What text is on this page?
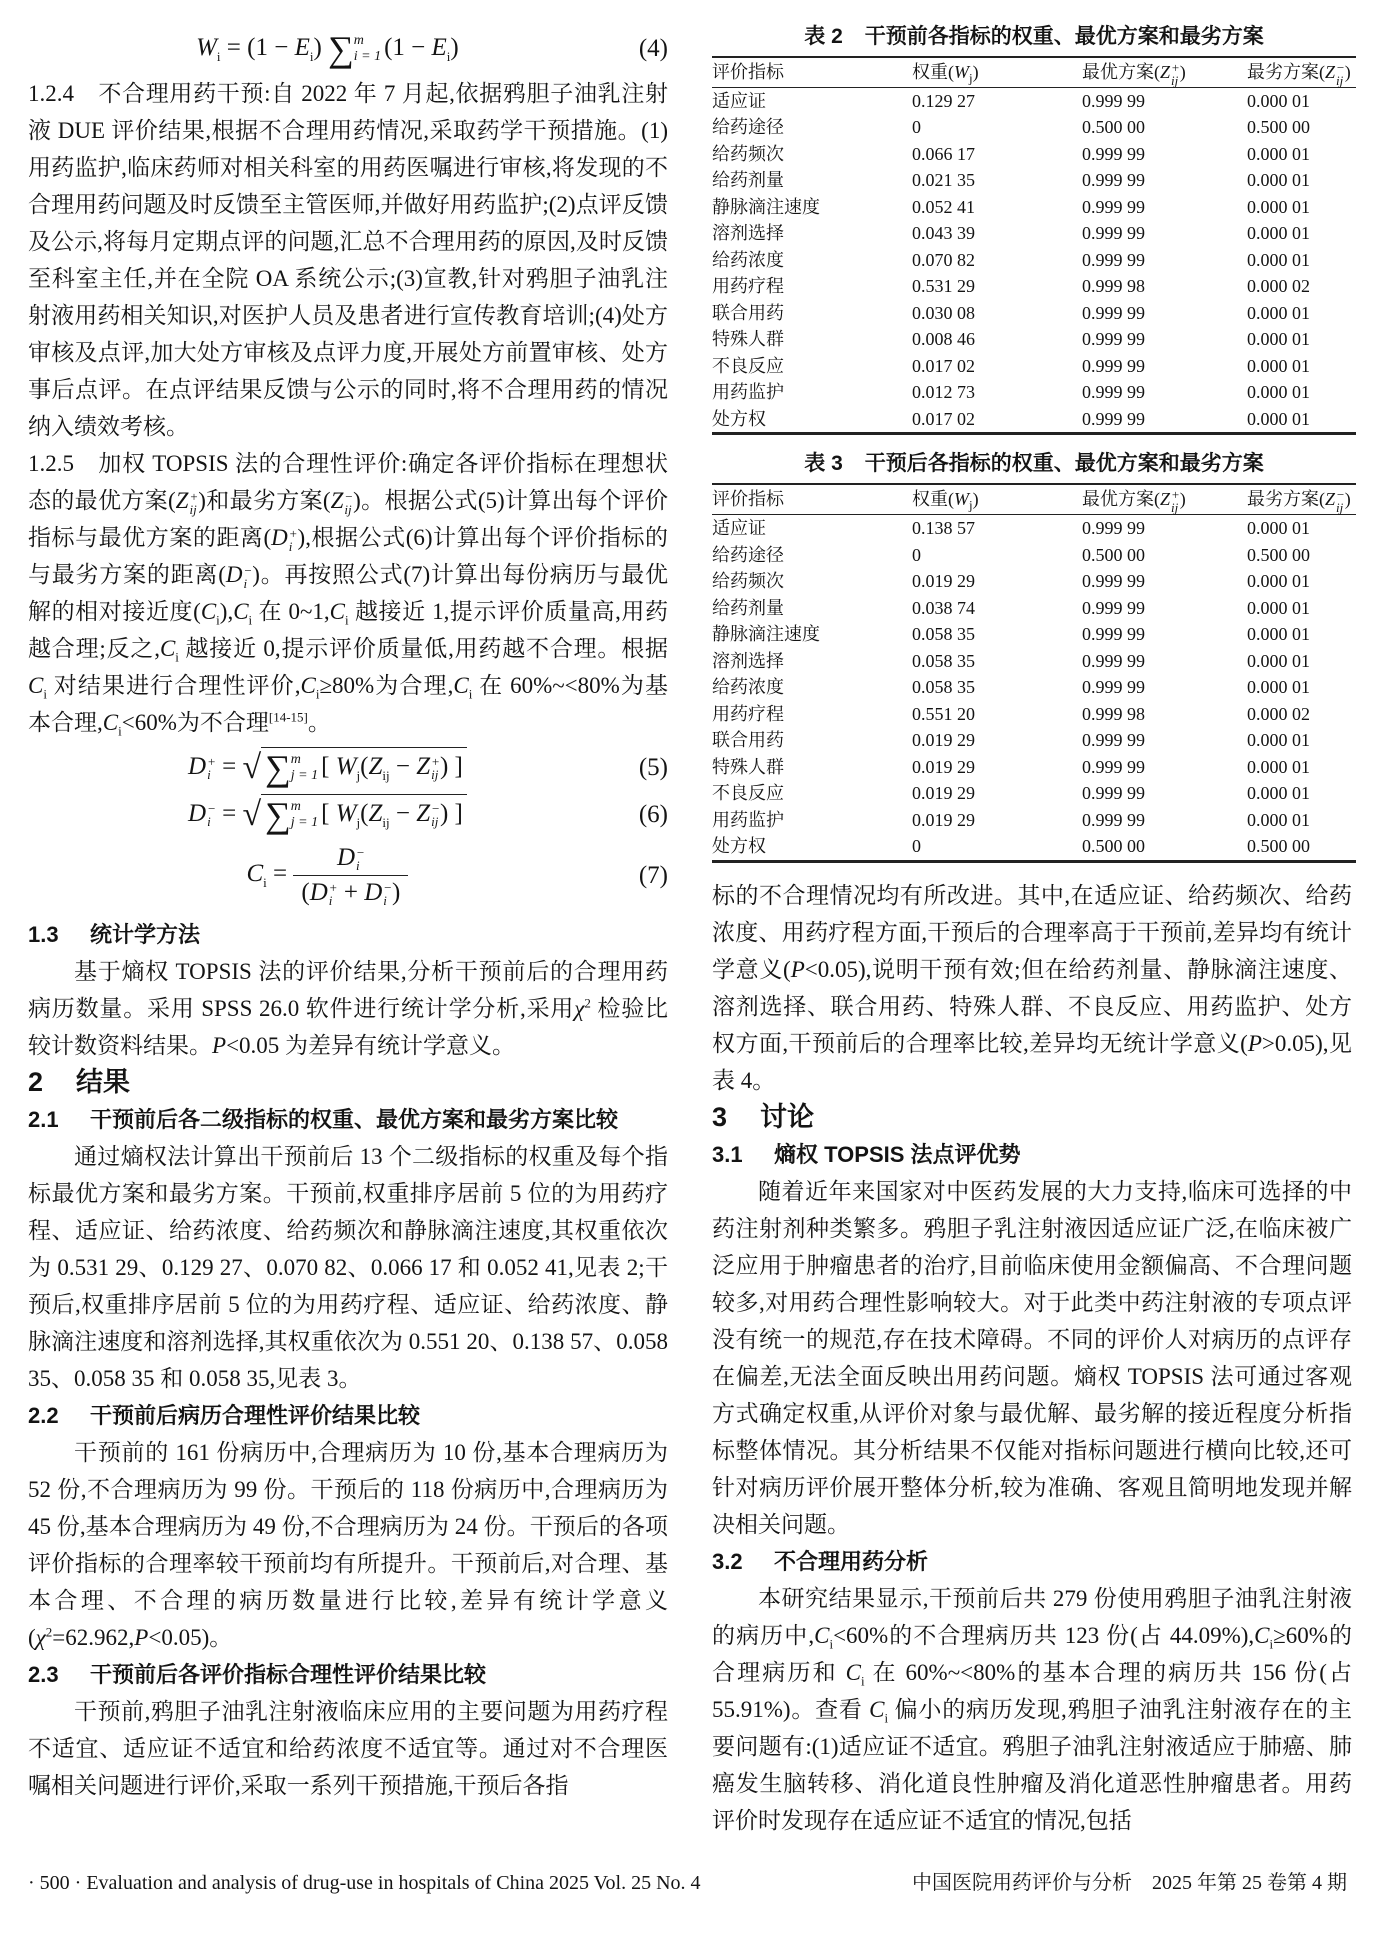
$W_i = (1 - E_i)$ ∑ m
i = 1 $(1 - E_i)$	(4)

1.2.4　不合理用药干预:自 2022 年 7 月起,依据鸦胆子油乳注射液 DUE 评价结果,根据不合理用药情况,采取药学干预措施。(1)用药监护,临床药师对相关科室的用药医嘱进行审核,将发现的不合理用药问题及时反馈至主管医师,并做好用药监护;(2)点评反馈及公示,将每月定期点评的问题,汇总不合理用药的原因,及时反馈至科室主任,并在全院 OA 系统公示;(3)宣教,针对鸦胆子油乳注射液用药相关知识,对医护人员及患者进行宣传教育培训;(4)处方审核及点评,加大处方审核及点评力度,开展处方前置审核、处方事后点评。在点评结果反馈与公示的同时,将不合理用药的情况纳入绩效考核。

1.2.5　加权 TOPSIS 法的合理性评价:确定各评价指标在理想状态的最优方案(Z +
ij )和最劣方案(Z −
ij )。根据公式(5)计算出每个评价指标与最优方案的距离(D +
i ),根据公式(6)计算出每个评价指标的与最劣方案的距离(D −
i )。再按照公式(7)计算出每份病历与最优解的相对接近度$(C_i),C_i$ 在 $0\sim 1,C_i$ 越接近 1,提示评价质量高,用药越合理;反之$,C_i$ 越接近 0,提示评价质量低,用药越不合理。根据 $C_i$ 对结果进行合理性评价$,C_i\ge 80\%$为合理$,C_i$ 在 60%~<80%为基本合理$,C_i<60\%$为不合理[14-15]。

D +
i = √ ∑ m
j = 1 [ $W_j(Z_{ij} - Z$ +
ij ) ]	(5)
D −
i = √ ∑ m
j = 1 [ $W_j(Z_{ij} - Z$ −
ij ) ]	(6)
$C_i = D$ −
i
(D +
i + D −
i )	(7)

1.3 统计学方法

基于熵权 TOPSIS 法的评价结果,分析干预前后的合理用药病历数量。采用 SPSS 26.0 软件进行统计学分析,采用$\chi^2$ 检验比较计数资料结果。P<0.05 为差异有统计学意义。

2 结果

2.1 干预前后各二级指标的权重、最优方案和最劣方案比较

通过熵权法计算出干预前后 13 个二级指标的权重及每个指标最优方案和最劣方案。干预前,权重排序居前 5 位的为用药疗程、适应证、给药浓度、给药频次和静脉滴注速度,其权重依次为 0.531 29、0.129 27、0.070 82、0.066 17 和 0.052 41,见表 2;干预后,权重排序居前 5 位的为用药疗程、适应证、给药浓度、静脉滴注速度和溶剂选择,其权重依次为 0.551 20、0.138 57、0.058 35、0.058 35 和 0.058 35,见表 3。

2.2 干预前后病历合理性评价结果比较

干预前的 161 份病历中,合理病历为 10 份,基本合理病历为 52 份,不合理病历为 99 份。干预后的 118 份病历中,合理病历为 45 份,基本合理病历为 49 份,不合理病历为 24 份。干预后的各项评价指标的合理率较干预前均有所提升。干预前后,对合理、基本合理、不合理的病历数量进行比较,差异有统计学意义$(\chi^2=62.962,P<0.05)$。

2.3 干预前后各评价指标合理性评价结果比较

干预前,鸦胆子油乳注射液临床应用的主要问题为用药疗程不适宜、适应证不适宜和给药浓度不适宜等。通过对不合理医嘱相关问题进行评价,采取一系列干预措施,干预后各指

表 2 干预前各指标的权重、最优方案和最劣方案
评价指标	权重$(W_j)$	最优方案(Z +
ij )	最劣方案(Z −
ij )
适应证	0.129 27	0.999 99	0.000 01
给药途径	0	0.500 00	0.500 00
给药频次	0.066 17	0.999 99	0.000 01
给药剂量	0.021 35	0.999 99	0.000 01
静脉滴注速度	0.052 41	0.999 99	0.000 01
溶剂选择	0.043 39	0.999 99	0.000 01
给药浓度	0.070 82	0.999 99	0.000 01
用药疗程	0.531 29	0.999 98	0.000 02
联合用药	0.030 08	0.999 99	0.000 01
特殊人群	0.008 46	0.999 99	0.000 01
不良反应	0.017 02	0.999 99	0.000 01
用药监护	0.012 73	0.999 99	0.000 01
处方权	0.017 02	0.999 99	0.000 01
表 3 干预后各指标的权重、最优方案和最劣方案
评价指标	权重$(W_j)$	最优方案(Z +
ij )	最劣方案(Z −
ij )
适应证	0.138 57	0.999 99	0.000 01
给药途径	0	0.500 00	0.500 00
给药频次	0.019 29	0.999 99	0.000 01
给药剂量	0.038 74	0.999 99	0.000 01
静脉滴注速度	0.058 35	0.999 99	0.000 01
溶剂选择	0.058 35	0.999 99	0.000 01
给药浓度	0.058 35	0.999 99	0.000 01
用药疗程	0.551 20	0.999 98	0.000 02
联合用药	0.019 29	0.999 99	0.000 01
特殊人群	0.019 29	0.999 99	0.000 01
不良反应	0.019 29	0.999 99	0.000 01
用药监护	0.019 29	0.999 99	0.000 01
处方权	0	0.500 00	0.500 00

标的不合理情况均有所改进。其中,在适应证、给药频次、给药浓度、用药疗程方面,干预后的合理率高于干预前,差异均有统计学意义(P<0.05),说明干预有效;但在给药剂量、静脉滴注速度、溶剂选择、联合用药、特殊人群、不良反应、用药监护、处方权方面,干预前后的合理率比较,差异均无统计学意义(P>0.05),见表 4。

3 讨论

3.1 熵权 TOPSIS 法点评优势

随着近年来国家对中医药发展的大力支持,临床可选择的中药注射剂种类繁多。鸦胆子乳注射液因适应证广泛,在临床被广泛应用于肿瘤患者的治疗,目前临床使用金额偏高、不合理问题较多,对用药合理性影响较大。对于此类中药注射液的专项点评没有统一的规范,存在技术障碍。不同的评价人对病历的点评存在偏差,无法全面反映出用药问题。熵权 TOPSIS 法可通过客观方式确定权重,从评价对象与最优解、最劣解的接近程度分析指标整体情况。其分析结果不仅能对指标问题进行横向比较,还可针对病历评价展开整体分析,较为准确、客观且简明地发现并解决相关问题。

3.2 不合理用药分析

本研究结果显示,干预前后共 279 份使用鸦胆子油乳注射液的病历中$,C_i<60\%$的不合理病历共 123 份(占 $44.09\%),C_i\ge 60\%$的合理病历和 $C_i$ 在 60%~<80%的基本合理的病历共 156 份(占 55.91%)。查看 $C_i$ 偏小的病历发现,鸦胆子油乳注射液存在的主要问题有:(1)适应证不适宜。鸦胆子油乳注射液适应于肺癌、肺癌发生脑转移、消化道良性肿瘤及消化道恶性肿瘤患者。用药评价时发现存在适应证不适宜的情况,包括

· 500 · Evaluation and analysis of drug-use in hospitals of China 2025 Vol. 25 No. 4	中国医院用药评价与分析　2025 年第 25 卷第 4 期
